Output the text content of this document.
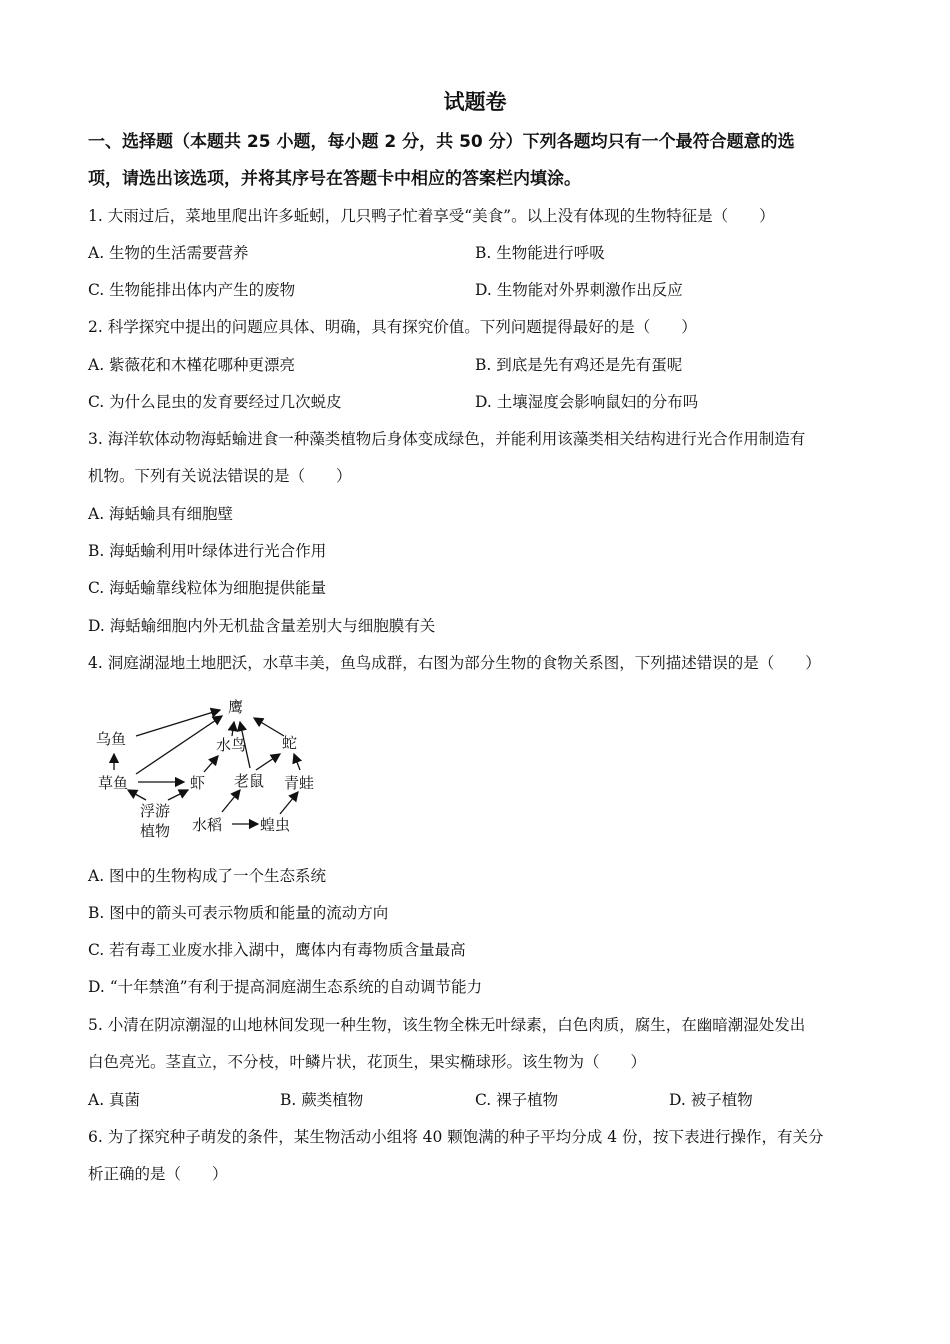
试题卷
一、选择题（本题共 25 小题，每小题 2 分，共 50 分）下列各题均只有一个最符合题意的选
项，请选出该选项，并将其序号在答题卡中相应的答案栏内填涂。
1. 大雨过后，菜地里爬出许多蚯蚓，几只鸭子忙着享受“美食”。以上没有体现的生物特征是（　　）
A. 生物的生活需要营养	B. 生物能进行呼吸
C. 生物能排出体内产生的废物	D. 生物能对外界刺激作出反应
2. 科学探究中提出的问题应具体、明确，具有探究价值。下列问题提得最好的是（　　）
A. 紫薇花和木槿花哪种更漂亮	B. 到底是先有鸡还是先有蛋呢
C. 为什么昆虫的发育要经过几次蜕皮	D. 土壤湿度会影响鼠妇的分布吗
3. 海洋软体动物海蛞蝓进食一种藻类植物后身体变成绿色，并能利用该藻类相关结构进行光合作用制造有
机物。下列有关说法错误的是（　　）
A. 海蛞蝓具有细胞壁
B. 海蛞蝓利用叶绿体进行光合作用
C. 海蛞蝓靠线粒体为细胞提供能量
D. 海蛞蝓细胞内外无机盐含量差别大与细胞膜有关
4. 洞庭湖湿地土地肥沃，水草丰美，鱼鸟成群，右图为部分生物的食物关系图，下列描述错误的是（　　）
鹰
乌鱼	水鸟 蛇
草鱼	虾 老鼠 青蛙
浮游
植物 水稻	蝗虫
A. 图中的生物构成了一个生态系统
B. 图中的箭头可表示物质和能量的流动方向
C. 若有毒工业废水排入湖中，鹰体内有毒物质含量最高
D. “十年禁渔”有利于提高洞庭湖生态系统的自动调节能力
5. 小清在阴凉潮湿的山地林间发现一种生物，该生物全株无叶绿素，白色肉质，腐生，在幽暗潮湿处发出
白色亮光。茎直立，不分枝，叶鳞片状，花顶生，果实椭球形。该生物为（　　）
A. 真菌	B. 蕨类植物	C. 裸子植物	D. 被子植物
6. 为了探究种子萌发的条件，某生物活动小组将 40 颗饱满的种子平均分成 4 份，按下表进行操作，有关分
析正确的是（　　）
